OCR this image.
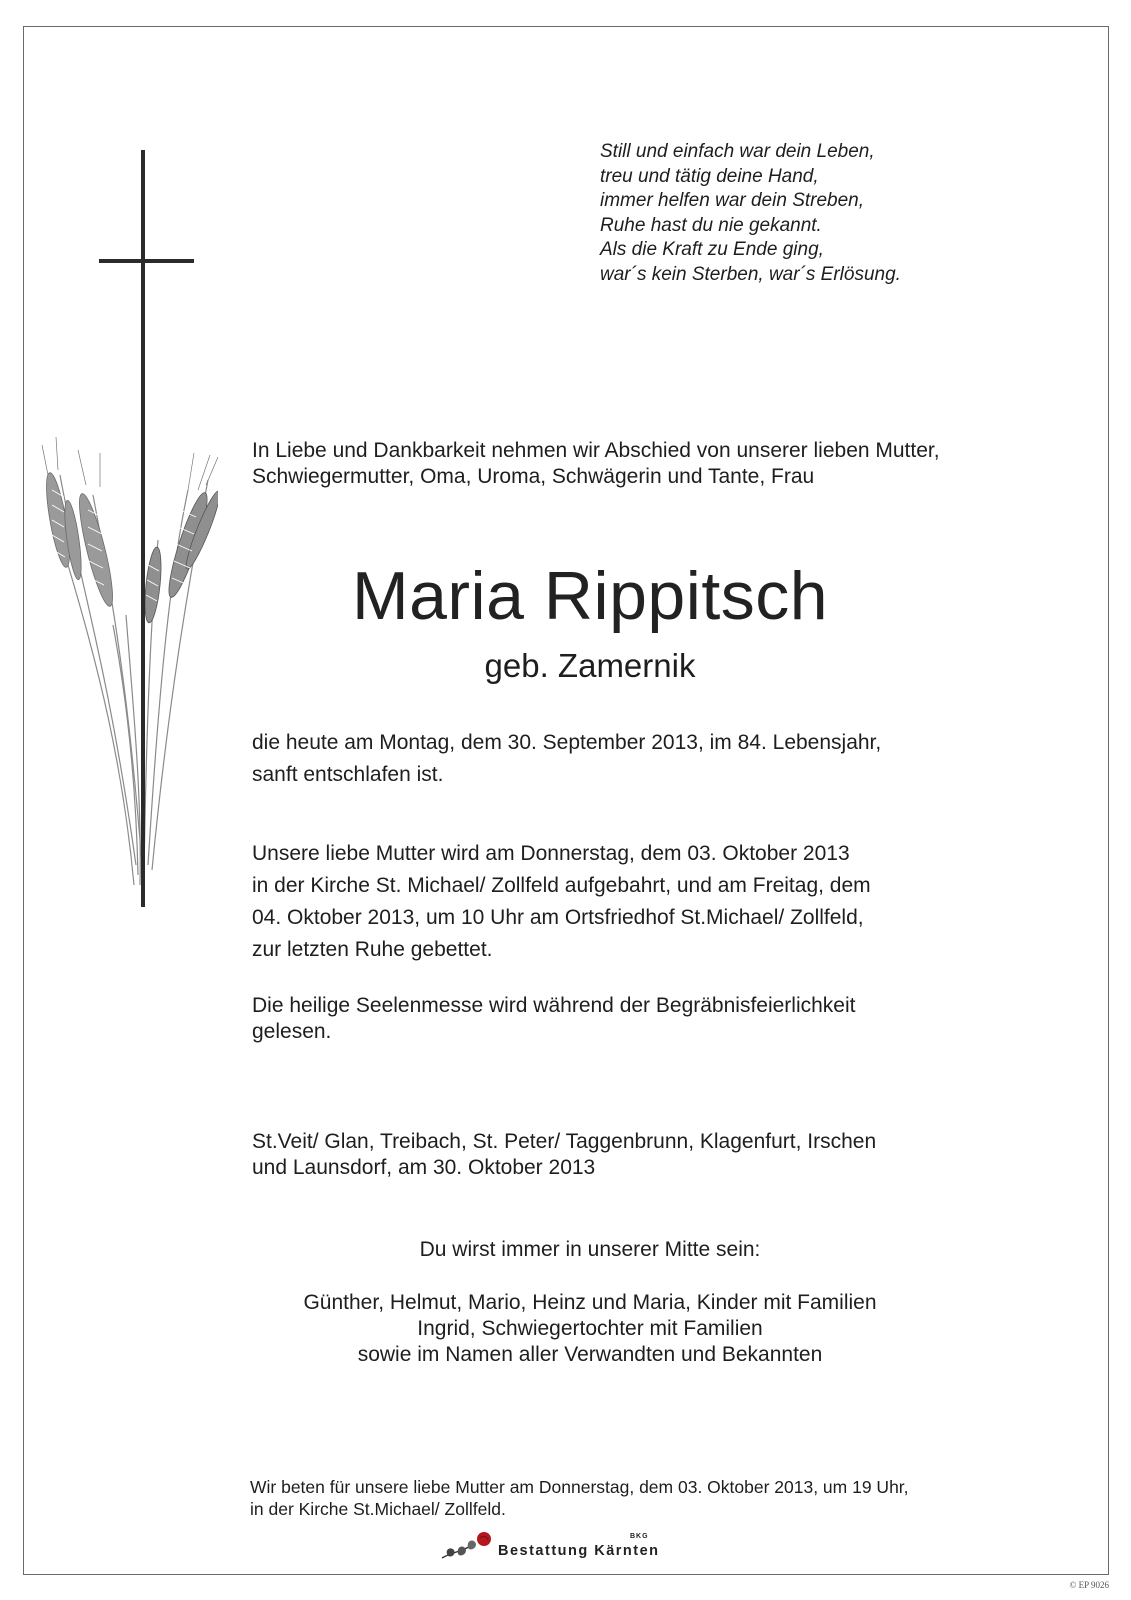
Still und einfach war dein Leben,
treu und tätig deine Hand,
immer helfen war dein Streben,
Ruhe hast du nie gekannt.
Als die Kraft zu Ende ging,
war´s kein Sterben, war´s Erlösung.
In Liebe und Dankbarkeit nehmen wir Abschied von unserer lieben Mutter,
Schwiegermutter, Oma, Uroma, Schwägerin und Tante, Frau
Maria Rippitsch
geb. Zamernik
die heute am Montag, dem 30. September 2013, im 84. Lebensjahr,
sanft entschlafen ist.
Unsere liebe Mutter wird am Donnerstag, dem 03. Oktober 2013
in der Kirche St. Michael/ Zollfeld aufgebahrt, und am Freitag, dem
04. Oktober 2013, um 10 Uhr am Ortsfriedhof St.Michael/ Zollfeld,
zur letzten Ruhe gebettet.
Die heilige Seelenmesse wird während der Begräbnisfeierlichkeit
gelesen.
St.Veit/ Glan, Treibach, St. Peter/ Taggenbrunn, Klagenfurt, Irschen
und Launsdorf, am 30. Oktober 2013
Du wirst immer in unserer Mitte sein:
Günther, Helmut, Mario, Heinz und Maria, Kinder mit Familien
Ingrid, Schwiegertochter mit Familien
sowie im Namen aller Verwandten und Bekannten
Wir beten für unsere liebe Mutter am Donnerstag, dem 03. Oktober 2013, um 19 Uhr,
in der Kirche St.Michael/ Zollfeld.
BKG
Bestattung Kärnten
© EP 9026
